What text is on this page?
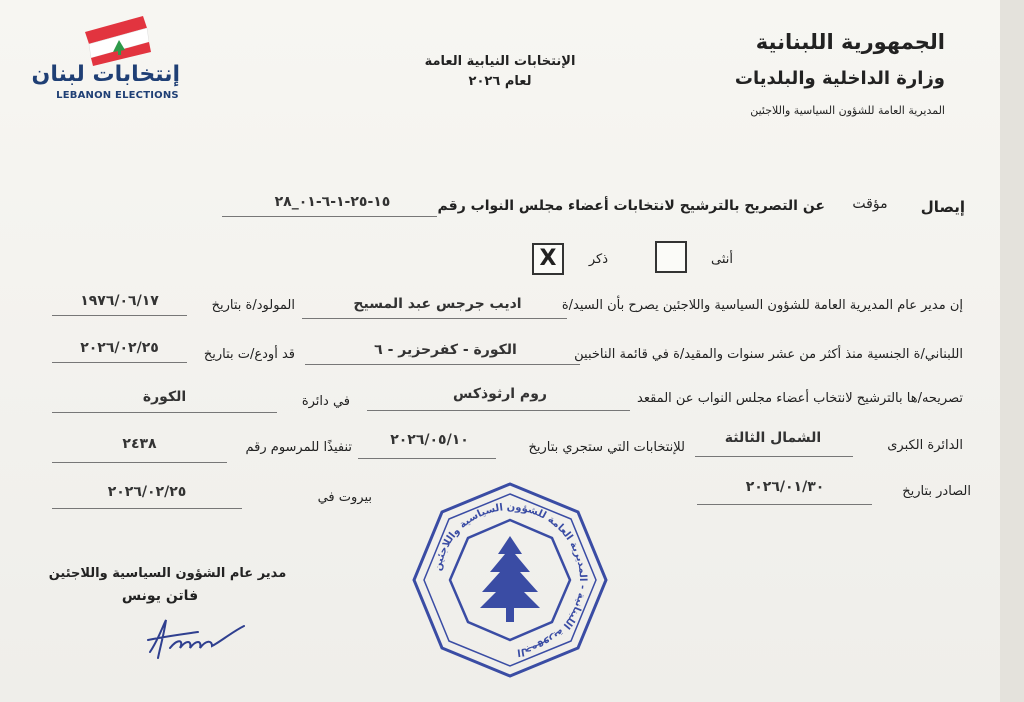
إنتخابات لبنان
LEBANON ELECTIONS
الإنتخابات النيابية العامة
لعام ٢٠٢٦
الجمهورية اللبنانية
وزارة الداخلية والبلديات
المديرية العامة للشؤون السياسية واللاجئين
إيصال
مؤقت
عن التصريح بالترشيح لانتخابات أعضاء مجلس النواب رقم
١٥-٢٥-١-٦-٠١_٢٨
أنثى
ذكر
X
إن مدير عام المديرية العامة للشؤون السياسية واللاجئين يصرح بأن السيد/ة
اديب جرجس عبد المسيح
المولود/ة بتاريخ
١٩٧٦/٠٦/١٧
اللبناني/ة الجنسية منذ أكثر من عشر سنوات والمقيد/ة في قائمة الناخبين
الكورة - كفرحزير - ٦
قد أودع/ت بتاريخ
٢٠٢٦/٠٢/٢٥
تصريحه/ها بالترشيح لانتخاب أعضاء مجلس النواب عن المقعد
روم ارثوذكس
في دائرة
الكورة
الدائرة الكبرى
الشمال الثالثة
للإنتخابات التي ستجري بتاريخ
٢٠٢٦/٠٥/١٠
تنفيذًا للمرسوم رقم
٢٤٣٨
الصادر بتاريخ
٢٠٢٦/٠١/٣٠
بيروت في
٢٠٢٦/٠٢/٢٥
مدير عام الشؤون السياسية واللاجئين
فاتن يونس
الجمهورية اللبنانية - المديرية العامة للشؤون السياسية واللاجئين
